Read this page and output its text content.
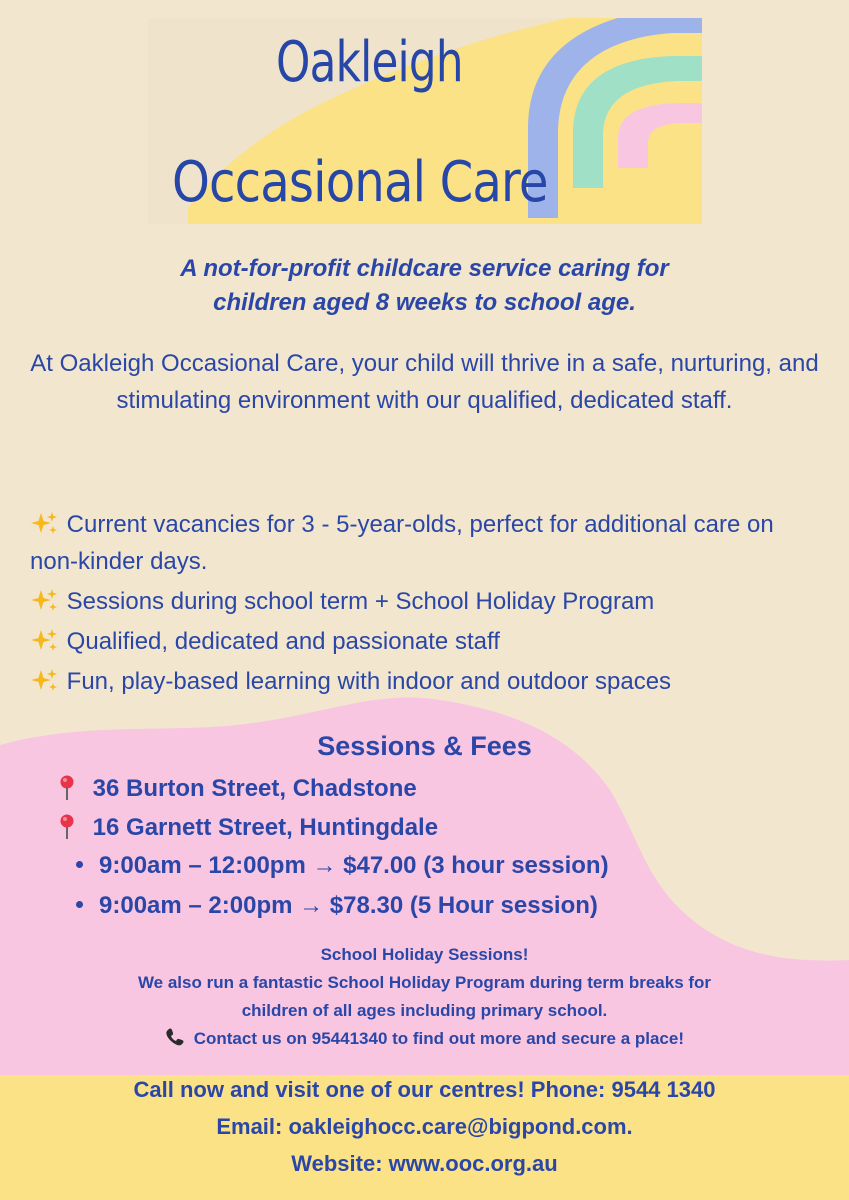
Oakleigh
Occasional Care

A not-for-profit childcare service caring for
children aged 8 weeks to school age.

At Oakleigh Occasional Care, your child will thrive in a safe, nurturing, and stimulating environment with our qualified, dedicated staff.

Current vacancies for 3 - 5-year-olds, perfect for additional care on non-kinder days.
Sessions during school term + School Holiday Program
Qualified, dedicated and passionate staff
Fun, play-based learning with indoor and outdoor spaces
Sessions & Fees
36 Burton Street, Chadstone
16 Garnett Street, Huntingdale
9:00am – 12:00pm → $47.00 (3 hour session)
9:00am – 2:00pm → $78.30 (5 Hour session)
School Holiday Sessions!
We also run a fantastic School Holiday Program during term breaks for
children of all ages including primary school.
Contact us on 95441340 to find out more and secure a place!
Call now and visit one of our centres! Phone: 9544 1340
Email: oakleighocc.care@bigpond.com.
Website: www.ooc.org.au
